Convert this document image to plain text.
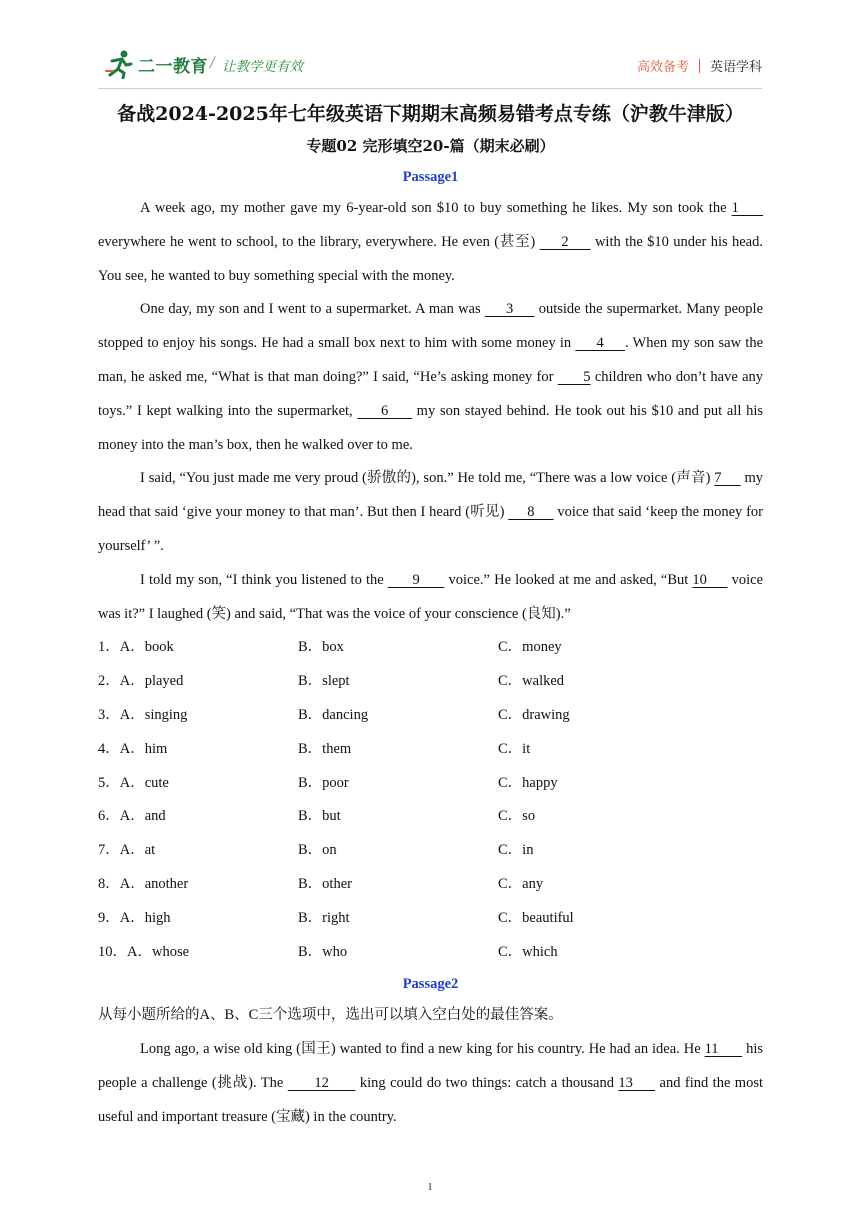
二一教育 / 让教学更有效	高效备考 英语学科
备战2024-2025年七年级英语下期期末高频易错考点专练（沪教牛津版）
专题02 完形填空20-篇（期末必刷）
Passage1

A week ago, my mother gave my 6-year-old son $10 to buy something he likes. My son took the 1      everywhere he went to school, to the library, everywhere. He even (甚至)      2      with the $10 under his head. You see, he wanted to buy something special with the money.

One day, my son and I went to a supermarket. A man was      3      outside the supermarket. Many people stopped to enjoy his songs. He had a small box next to him with some money in      4     . When my son saw the man, he asked me, “What is that man doing?” I said, “He’s asking money for       5 children who don’t have any toys.” I kept walking into the supermarket,      6      my son stayed behind. He took out his $10 and put all his money into the man’s box, then he walked over to me.

I said, “You just made me very proud (骄傲的), son.” He told me, “There was a low voice (声音) 7      my head that said ‘give your money to that man’. But then I heard (听见)      8      voice that said ‘keep the money for yourself’ ”.

I told my son, “I think you listened to the       9       voice.” He looked at me and asked, “But 10      voice was it?” I laughed (笑) and said, “That was the voice of your conscience (良知).”

1．A．book	B．box	C．money
2．A．played	B．slept	C．walked
3．A．singing	B．dancing	C．drawing
4．A．him	B．them	C．it
5．A．cute	B．poor	C．happy
6．A．and	B．but	C．so
7．A．at	B．on	C．in
8．A．another	B．other	C．any
9．A．high	B．right	C．beautiful
10．A．whose	B．who	C．which
Passage2

从每小题所给的A、B、C三个选项中，选出可以填入空白处的最佳答案。

Long ago, a wise old king (国王) wanted to find a new king for his country. He had an idea. He 11       his people a challenge (挑战). The       12       king could do two things: catch a thousand 13      and find the most useful and important treasure (宝藏) in the country.

1
